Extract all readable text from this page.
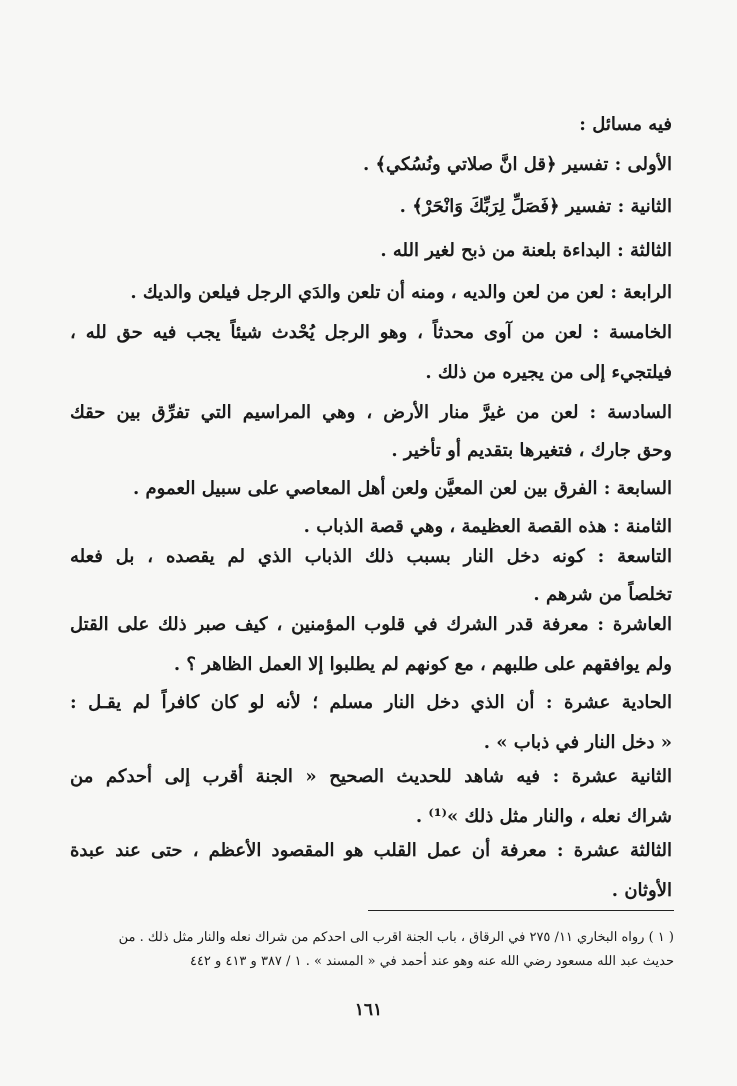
فيه مسائل :
الأولى : تفسير ﴿قل انَّ صلاتي ونُسُكي﴾ .
الثانية : تفسير ﴿فَصَلِّ لِرَبِّكَ وَانْحَرْ﴾ .
الثالثة : البداءة بلعنة من ذبح لغير الله .
الرابعة : لعن من لعن والديه ، ومنه أن تلعن والدَي الرجل فيلعن والديك .
الخامسة : لعن من آوى محدثاً ، وهو الرجل يُحْدث شيئاً يجب فيه حق لله ،
فيلتجيء إلى من يجيره من ذلك .
السادسة : لعن من غيرَّ منار الأرض ، وهي المراسيم التي تفرِّق بين حقك
وحق جارك ، فتغيرها بتقديم أو تأخير .
السابعة : الفرق بين لعن المعيَّن ولعن أهل المعاصي على سبيل العموم .
الثامنة : هذه القصة العظيمة ، وهي قصة الذباب .
التاسعة : كونه دخل النار بسبب ذلك الذباب الذي لم يقصده ، بل فعله
تخلصاً من شرهم .
العاشرة : معرفة قدر الشرك في قلوب المؤمنين ، كيف صبر ذلك على القتل
ولم يوافقهم على طلبهم ، مع كونهم لم يطلبوا إلا العمل الظاهر ؟ .
الحادية عشرة : أن الذي دخل النار مسلم ؛ لأنه لو كان كافراً لم يقـل :
« دخل النار في ذباب » .
الثانية عشرة : فيه شاهد للحديث الصحيح « الجنة أقرب إلى أحدكم من
شراك نعله ، والنار مثل ذلك »⁽¹⁾ .
الثالثة عشرة : معرفة أن عمل القلب هو المقصود الأعظم ، حتى عند عبدة
الأوثان .
( ١ ) رواه البخاري ١١/ ٢٧٥ في الرقاق ، باب الجنة اقرب الى احدكم من شراك نعله والنار مثل ذلك . من
حديث عبد الله مسعود رضي الله عنه وهو عند أحمد في « المسند » . ١ / ٣٨٧ و ٤١٣ و ٤٤٢
١٦١
